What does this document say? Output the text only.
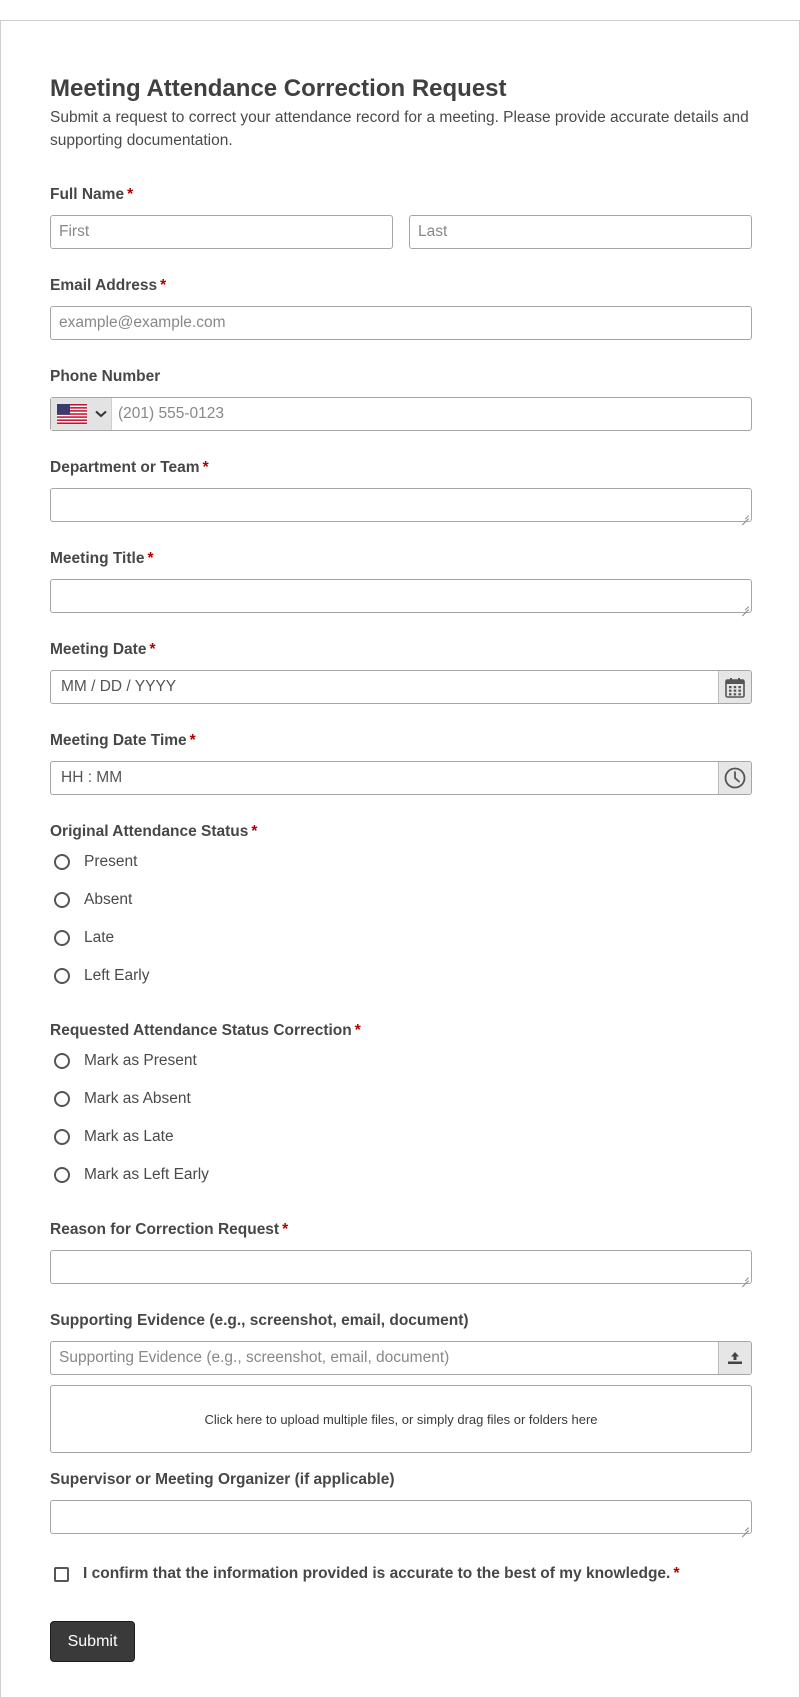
Meeting Attendance Correction Request

Submit a request to correct your attendance record for a meeting. Please provide accurate details and supporting documentation.

Full Name *
First	Last
Email Address *
example@example.com
Phone Number
(201) 555-0123
Department or Team *
Meeting Title *
Meeting Date *
MM / DD / YYYY
Meeting Date Time *
HH : MM
Original Attendance Status *
Present
Absent
Late
Left Early
Requested Attendance Status Correction *
Mark as Present
Mark as Absent
Mark as Late
Mark as Left Early
Reason for Correction Request *
Supporting Evidence (e.g., screenshot, email, document)
Supporting Evidence (e.g., screenshot, email, document)
Click here to upload multiple files, or simply drag files or folders here
Supervisor or Meeting Organizer (if applicable)
I confirm that the information provided is accurate to the best of my knowledge. *
Submit
